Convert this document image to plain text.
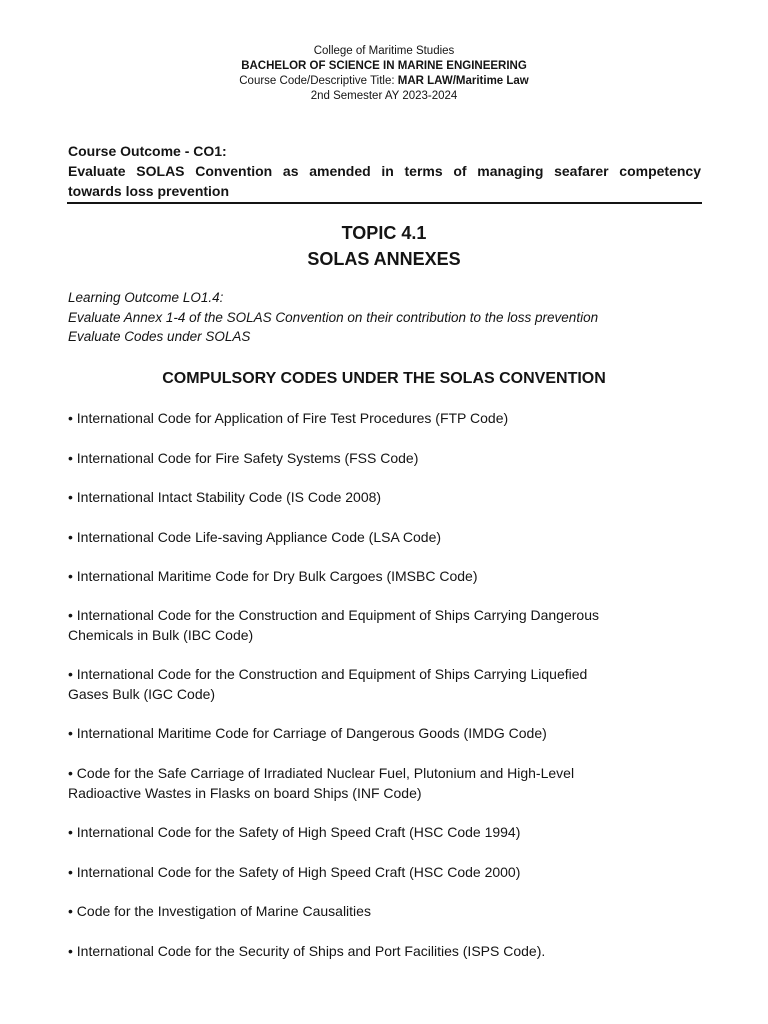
College of Maritime Studies
BACHELOR OF SCIENCE IN MARINE ENGINEERING
Course Code/Descriptive Title: MAR LAW/Maritime Law
2nd Semester AY 2023-2024
Course Outcome - CO1:
Evaluate SOLAS Convention as amended in terms of managing seafarer competency
towards loss prevention
TOPIC 4.1
SOLAS ANNEXES
Learning Outcome LO1.4:
Evaluate Annex 1-4 of the SOLAS Convention on their contribution to the loss prevention
Evaluate Codes under SOLAS
COMPULSORY CODES UNDER THE SOLAS CONVENTION
• International Code for Application of Fire Test Procedures (FTP Code)
• International Code for Fire Safety Systems (FSS Code)
• International Intact Stability Code (IS Code 2008)
• International Code Life-saving Appliance Code (LSA Code)
• International Maritime Code for Dry Bulk Cargoes (IMSBC Code)
• International Code for the Construction and Equipment of Ships Carrying Dangerous
Chemicals in Bulk (IBC Code)
• International Code for the Construction and Equipment of Ships Carrying Liquefied
Gases Bulk (IGC Code)
• International Maritime Code for Carriage of Dangerous Goods (IMDG Code)
• Code for the Safe Carriage of Irradiated Nuclear Fuel, Plutonium and High-Level
Radioactive Wastes in Flasks on board Ships (INF Code)
• International Code for the Safety of High Speed Craft (HSC Code 1994)
• International Code for the Safety of High Speed Craft (HSC Code 2000)
• Code for the Investigation of Marine Causalities
• International Code for the Security of Ships and Port Facilities (ISPS Code).
